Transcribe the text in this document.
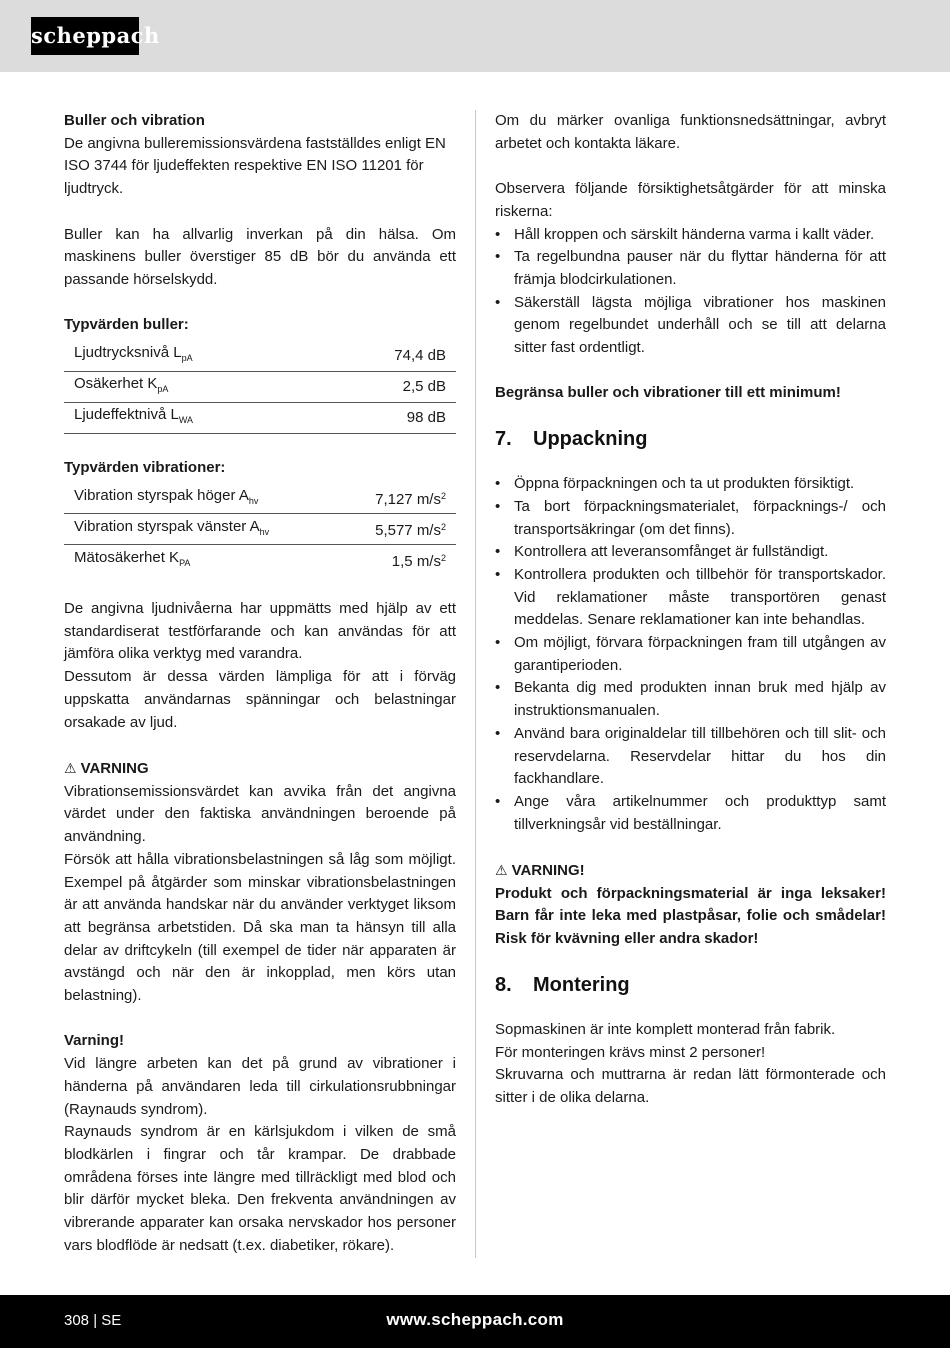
scheppach

Buller och vibration

De angivna bulleremissionsvärdena fastställdes enligt EN ISO 3744 för ljudeffekten respektive EN ISO 11201 för ljudtryck.

Buller kan ha allvarlig inverkan på din hälsa. Om maskinens buller överstiger 85 dB bör du använda ett passande hörselskydd.

Typvärden buller:

Ljudtrycksnivå $L_{pA}$	74,4 dB
Osäkerhet $K_{pA}$	2,5 dB
Ljudeffektnivå $L_{WA}$	98 dB

Typvärden vibrationer:

Vibration styrspak höger $A_{hv}$	7,127 $m/s^2$
Vibration styrspak vänster $A_{hv}$	5,577 $m/s^2$
Mätosäkerhet $K_{PA}$	1,5 $m/s^2$

De angivna ljudnivåerna har uppmätts med hjälp av ett standardiserat testförfarande och kan användas för att jämföra olika verktyg med varandra.

Dessutom är dessa värden lämpliga för att i förväg uppskatta användarnas spänningar och belastningar orsakade av ljud.

⚠ VARNING

Vibrationsemissionsvärdet kan avvika från det angivna värdet under den faktiska användningen beroende på användning.

Försök att hålla vibrationsbelastningen så låg som möjligt. Exempel på åtgärder som minskar vibrationsbelastningen är att använda handskar när du använder verktyget liksom att begränsa arbetstiden. Då ska man ta hänsyn till alla delar av driftcykeln (till exempel de tider när apparaten är avstängd och när den är inkopplad, men körs utan belastning).

Varning!

Vid längre arbeten kan det på grund av vibrationer i händerna på användaren leda till cirkulationsrubbningar (Raynauds syndrom).

Raynauds syndrom är en kärlsjukdom i vilken de små blodkärlen i fingrar och tår krampar. De drabbade områdena förses inte längre med tillräckligt med blod och blir därför mycket bleka. Den frekventa användningen av vibrerande apparater kan orsaka nervskador hos personer vars blodflöde är nedsatt (t.ex. diabetiker, rökare).

Om du märker ovanliga funktionsnedsättningar, avbryt arbetet och kontakta läkare.

Observera följande försiktighetsåtgärder för att minska riskerna:

• Håll kroppen och särskilt händerna varma i kallt väder.
• Ta regelbundna pauser när du flyttar händerna för att främja blodcirkulationen.
• Säkerställ lägsta möjliga vibrationer hos maskinen genom regelbundet underhåll och se till att delarna sitter fast ordentligt.

Begränsa buller och vibrationer till ett minimum!

7. Uppackning
• Öppna förpackningen och ta ut produkten försiktigt.
• Ta bort förpackningsmaterialet, förpacknings-/ och transportsäkringar (om det finns).
• Kontrollera att leveransomfånget är fullständigt.
• Kontrollera produkten och tillbehör för transportskador. Vid reklamationer måste transportören genast meddelas. Senare reklamationer kan inte behandlas.
• Om möjligt, förvara förpackningen fram till utgången av garantiperioden.
• Bekanta dig med produkten innan bruk med hjälp av instruktionsmanualen.
• Använd bara originaldelar till tillbehören och till slit- och reservdelarna. Reservdelar hittar du hos din fackhandlare.
• Ange våra artikelnummer och produkttyp samt tillverkningsår vid beställningar.

⚠ VARNING!

Produkt och förpackningsmaterial är inga leksaker! Barn får inte leka med plastpåsar, folie och smådelar! Risk för kvävning eller andra skador!

8. Montering

Sopmaskinen är inte komplett monterad från fabrik.

För monteringen krävs minst 2 personer!

Skruvarna och muttrarna är redan lätt förmonterade och sitter i de olika delarna.

308 | SE	www.scheppach.com
